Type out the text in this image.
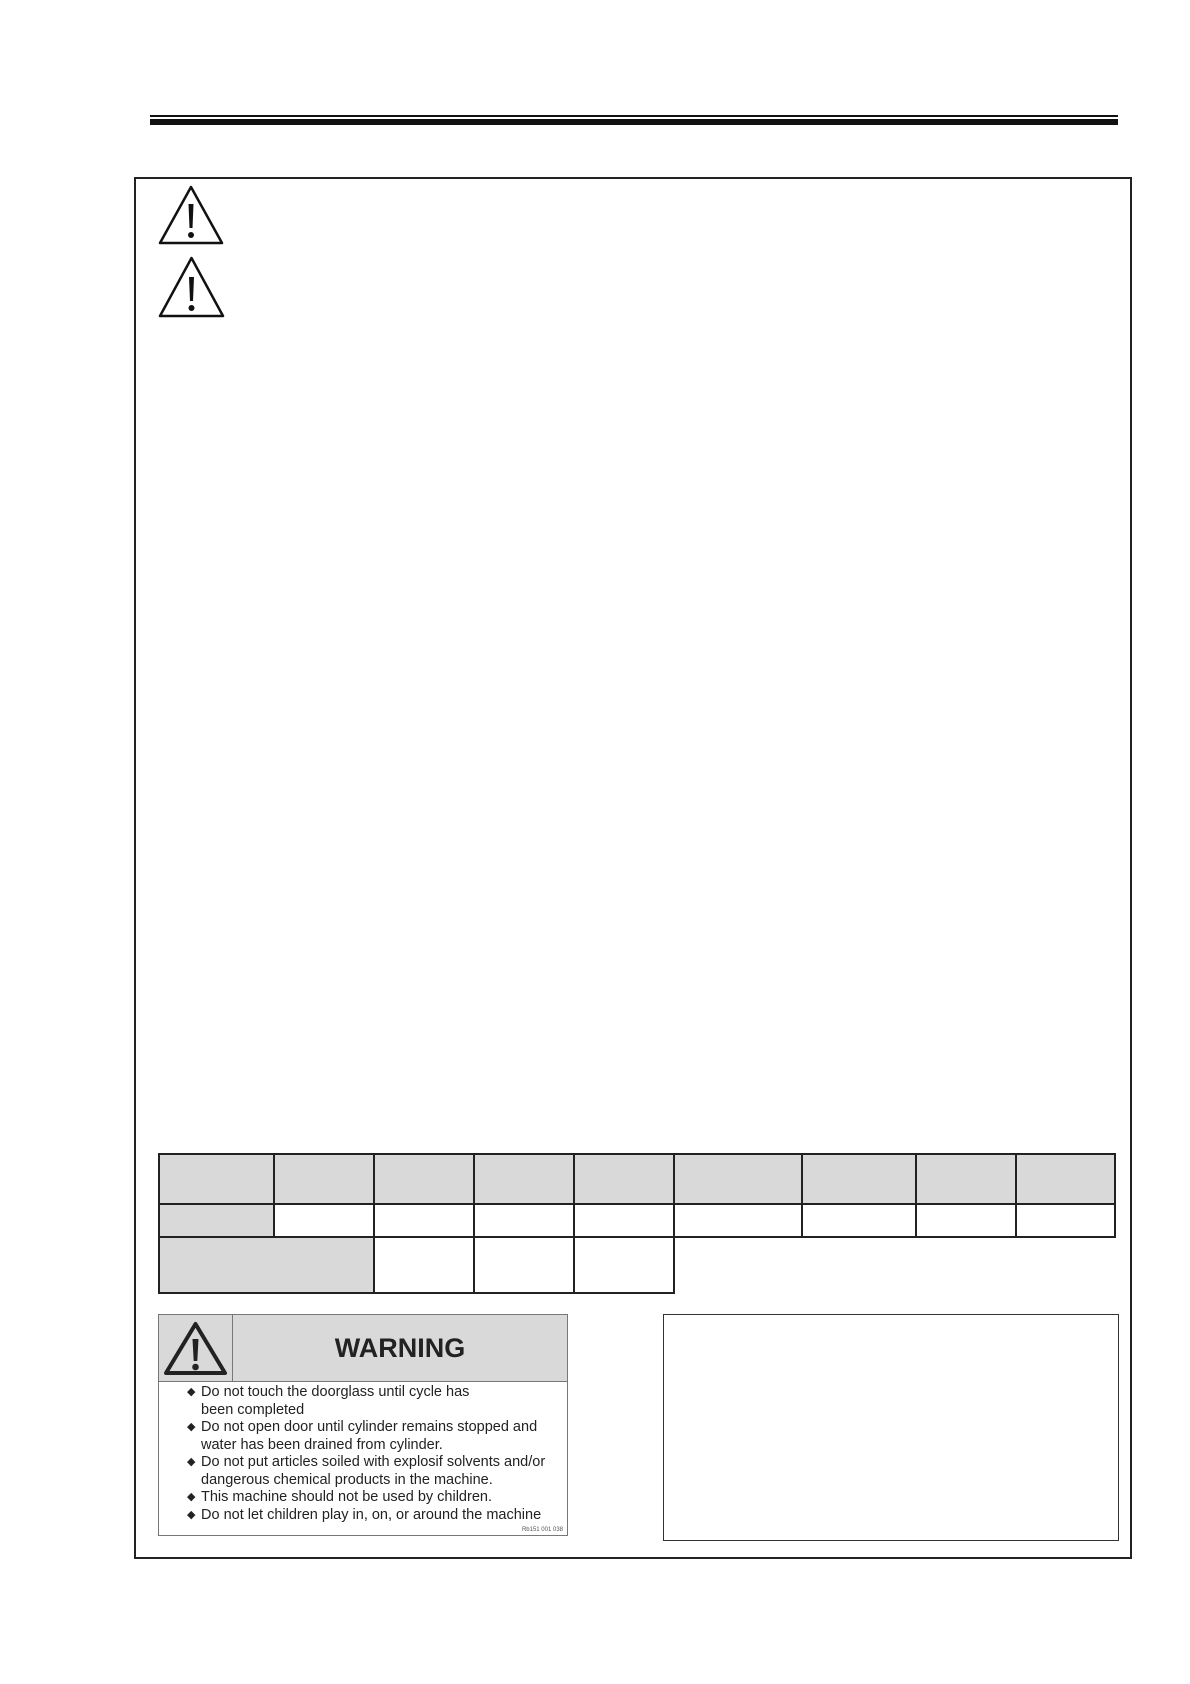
WARNING
◆ Do not touch the doorglass until cycle has been completed
◆ Do not open door until cylinder remains stopped and water has been drained from cylinder.
◆ Do not put articles soiled with explosif solvents and/or dangerous chemical products in the machine.
◆ This machine should not be used by children.
◆ Do not let children play in, on, or around the machine
Rb151 001 038
